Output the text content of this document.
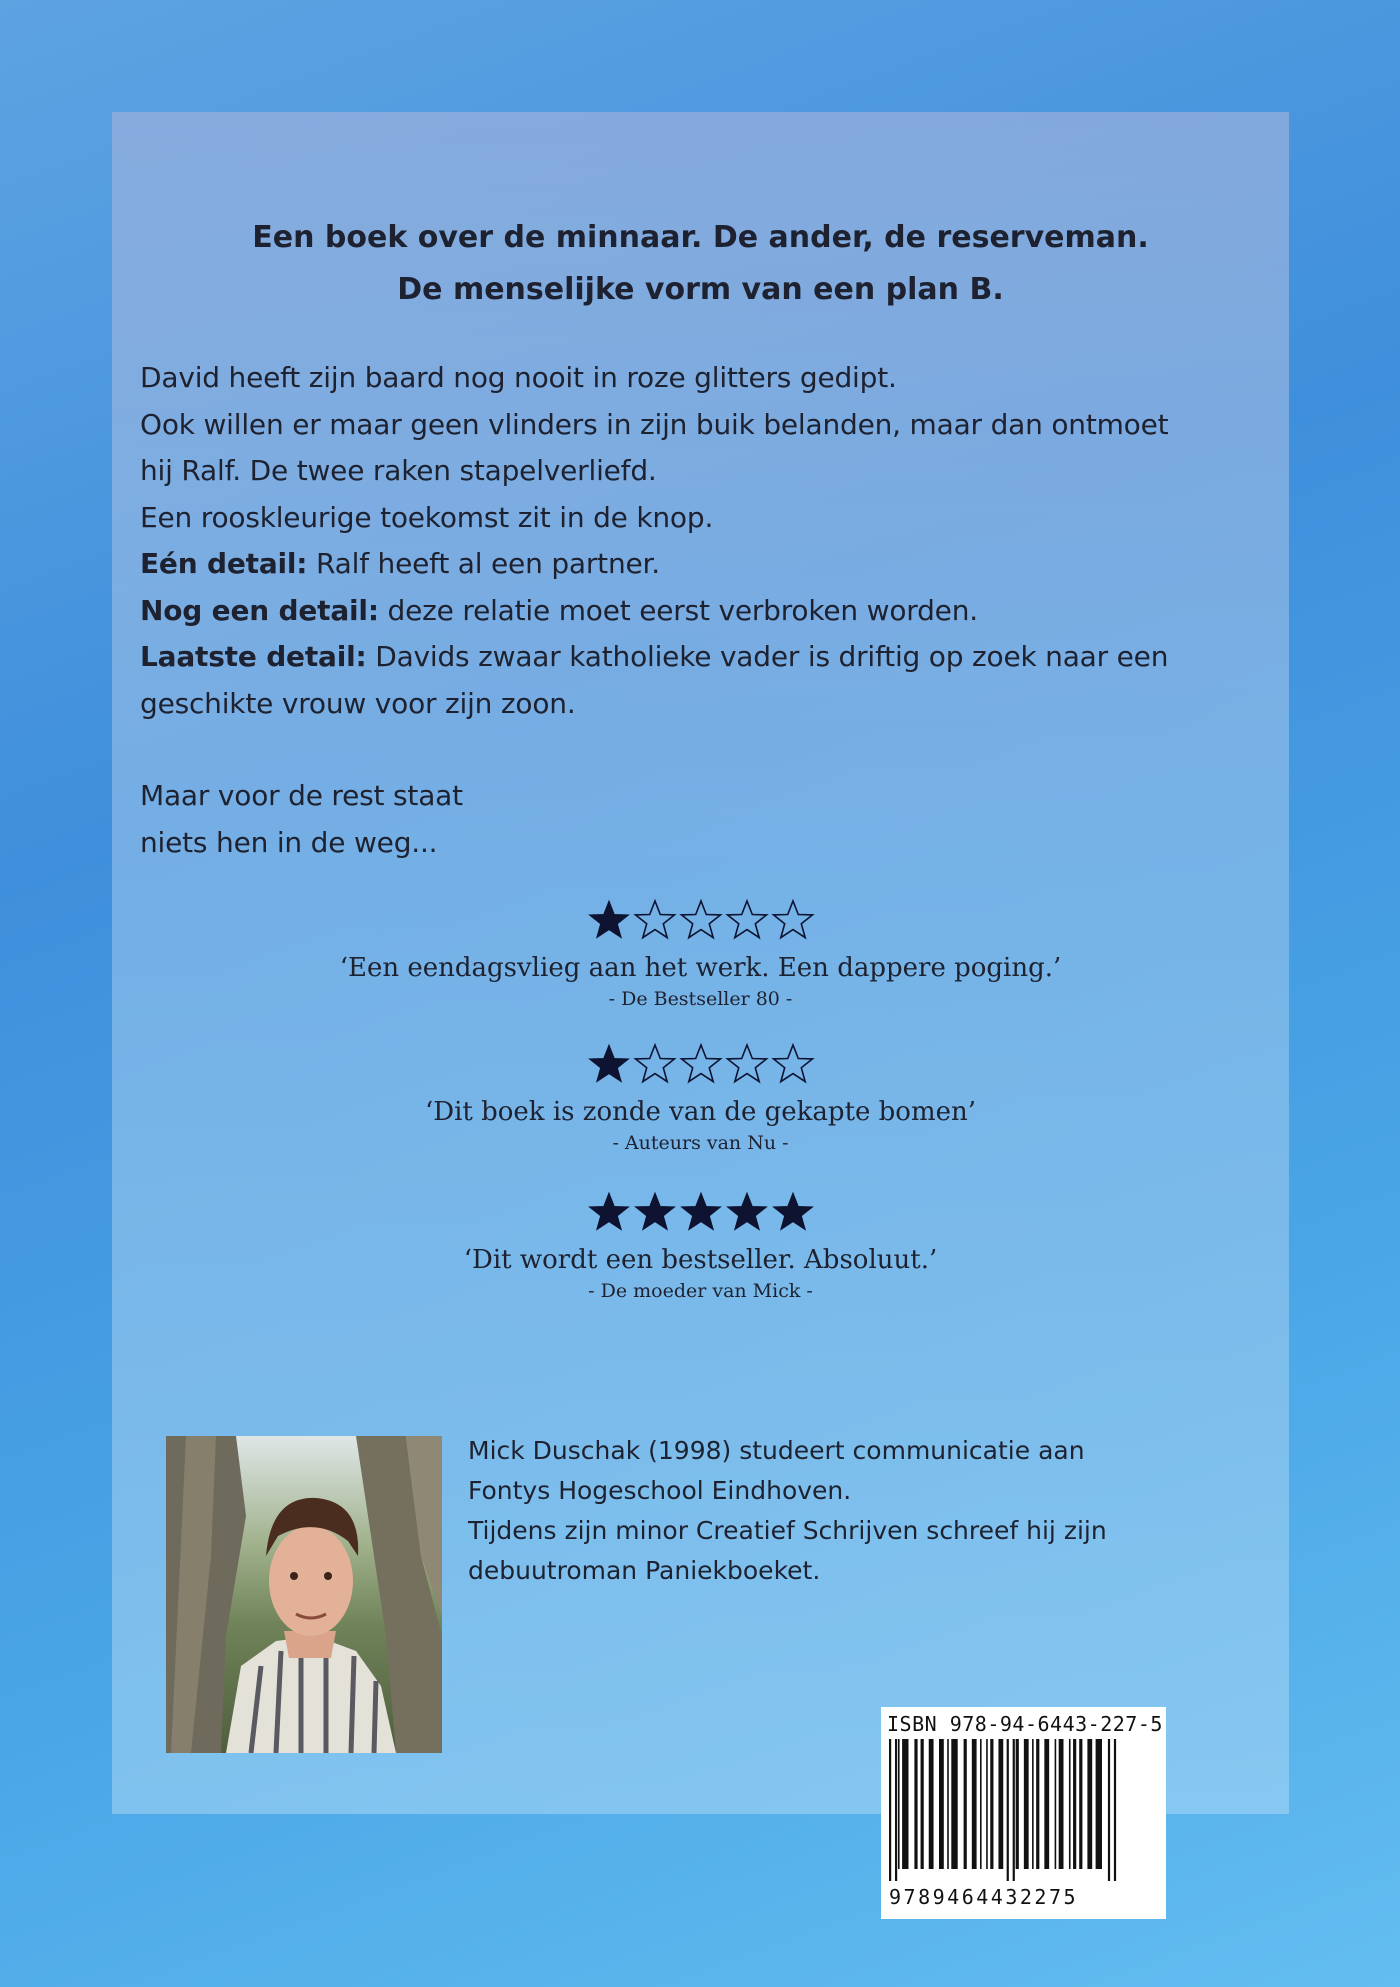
Een boek over de minnaar. De ander, de reserveman.
De menselijke vorm van een plan B.
David heeft zijn baard nog nooit in roze glitters gedipt.
Ook willen er maar geen vlinders in zijn buik belanden, maar dan ontmoet
hij Ralf. De twee raken stapelverliefd.
Een rooskleurige toekomst zit in de knop.
Eén detail: Ralf heeft al een partner.
Nog een detail: deze relatie moet eerst verbroken worden.
Laatste detail: Davids zwaar katholieke vader is driftig op zoek naar een
geschikte vrouw voor zijn zoon.
Maar voor de rest staat
niets hen in de weg...
‘Een eendagsvlieg aan het werk. Een dappere poging.’
- De Bestseller 80 -
‘Dit boek is zonde van de gekapte bomen’
- Auteurs van Nu -
‘Dit wordt een bestseller. Absoluut.’
- De moeder van Mick -
Mick Duschak (1998) studeert communicatie aan
Fontys Hogeschool Eindhoven.
Tijdens zijn minor Creatief Schrijven schreef hij zijn
debuutroman Paniekboeket.
ISBN 978-94-6443-227-5
9789464432275
